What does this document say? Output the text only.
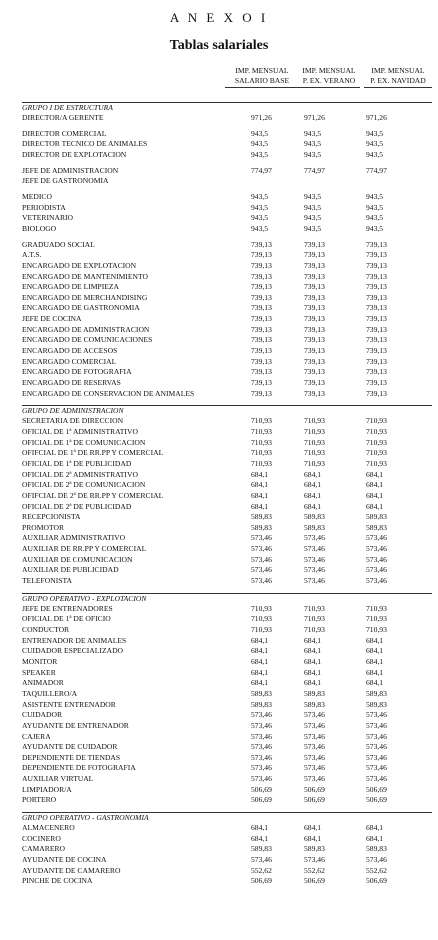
A N E X O I
Tablas salariales
IMP. MENSUAL
SALARIO BASE
IMP. MENSUAL
P. EX. VERANO
IMP. MENSUAL
P. EX. NAVIDAD
GRUPO I DE ESTRUCTURA
DIRECTOR/A GERENTE	971,26	971,26	971,26
DIRECTOR COMERCIAL	943,5	943,5	943,5
DIRECTOR TECNICO DE ANIMALES	943,5	943,5	943,5
DIRECTOR DE EXPLOTACION	943,5	943,5	943,5
JEFE DE ADMINISTRACION	774,97	774,97	774,97
JEFE DE GASTRONOMIA
MEDICO	943,5	943,5	943,5
PERIODISTA	943,5	943,5	943,5
VETERINARIO	943,5	943,5	943,5
BIOLOGO	943,5	943,5	943,5
GRADUADO SOCIAL	739,13	739,13	739,13
A.T.S.	739,13	739,13	739,13
ENCARGADO DE EXPLOTACION	739,13	739,13	739,13
ENCARGADO DE MANTENIMIENTO	739,13	739,13	739,13
ENCARGADO DE LIMPIEZA	739,13	739,13	739,13
ENCARGADO DE MERCHANDISING	739,13	739,13	739,13
ENCARGADO DE GASTRONOMIA	739,13	739,13	739,13
JEFE DE COCINA	739,13	739,13	739,13
ENCARGADO DE ADMINISTRACION	739,13	739,13	739,13
ENCARGADO DE COMUNICACIONES	739,13	739,13	739,13
ENCARGADO DE ACCESOS	739,13	739,13	739,13
ENCARGADO COMERCIAL	739,13	739,13	739,13
ENCARGADO DE FOTOGRAFIA	739,13	739,13	739,13
ENCARGADO DE RESERVAS	739,13	739,13	739,13
ENCARGADO DE CONSERVACION DE ANIMALES	739,13	739,13	739,13
GRUPO DE ADMINISTRACION
SECRETARIA DE DIRECCION	710,93	710,93	710,93
OFICIAL DE 1ª ADMINISTRATIVO	710,93	710,93	710,93
OFICIAL DE 1ª DE COMUNICACION	710,93	710,93	710,93
OFIFCIAL DE 1ª DE RR.PP Y COMERCIAL	710,93	710,93	710,93
OFICIAL DE 1ª DE PUBLICIDAD	710,93	710,93	710,93
OFICIAL DE 2ª ADMINISTRATIVO	684,1	684,1	684,1
OFICIAL DE 2ª DE COMUNICACION	684,1	684,1	684,1
OFIFCIAL DE 2ª DE RR.PP Y COMERCIAL	684,1	684,1	684,1
OFICIAL DE 2ª DE PUBLICIDAD	684,1	684,1	684,1
RECEPCIONISTA	589,83	589,83	589,83
PROMOTOR	589,83	589,83	589,83
AUXILIAR ADMINISTRATIVO	573,46	573,46	573,46
AUXILIAR DE RR.PP Y COMERCIAL	573,46	573,46	573,46
AUXILIAR DE COMUNICACION	573,46	573,46	573,46
AUXILIAR DE PUBLICIDAD	573,46	573,46	573,46
TELEFONISTA	573,46	573,46	573,46
GRUPO OPERATIVO - EXPLOTACION
JEFE DE ENTRENADORES	710,93	710,93	710,93
OFICIAL DE 1ª DE OFICIO	710,93	710,93	710,93
CONDUCTOR	710,93	710,93	710,93
ENTRENADOR DE ANIMALES	684,1	684,1	684,1
CUIDADOR ESPECIALIZADO	684,1	684,1	684,1
MONITOR	684,1	684,1	684,1
SPEAKER	684,1	684,1	684,1
ANIMADOR	684,1	684,1	684,1
TAQUILLERO/A	589,83	589,83	589,83
ASISTENTE ENTRENADOR	589,83	589,83	589,83
CUIDADOR	573,46	573,46	573,46
AYUDANTE DE ENTRENADOR	573,46	573,46	573,46
CAJERA	573,46	573,46	573,46
AYUDANTE DE CUIDADOR	573,46	573,46	573,46
DEPENDIENTE DE TIENDAS	573,46	573,46	573,46
DEPENDIENTE DE FOTOGRAFIA	573,46	573,46	573,46
AUXILIAR VIRTUAL	573,46	573,46	573,46
LIMPIADOR/A	506,69	506,69	506,69
PORTERO	506,69	506,69	506,69
GRUPO OPERATIVO - GASTRONOMIA
ALMACENERO	684,1	684,1	684,1
COCINERO	684,1	684,1	684,1
CAMARERO	589,83	589,83	589,83
AYUDANTE DE COCINA	573,46	573,46	573,46
AYUDANTE DE CAMARERO	552,62	552,62	552,62
PINCHE DE COCINA	506,69	506,69	506,69
